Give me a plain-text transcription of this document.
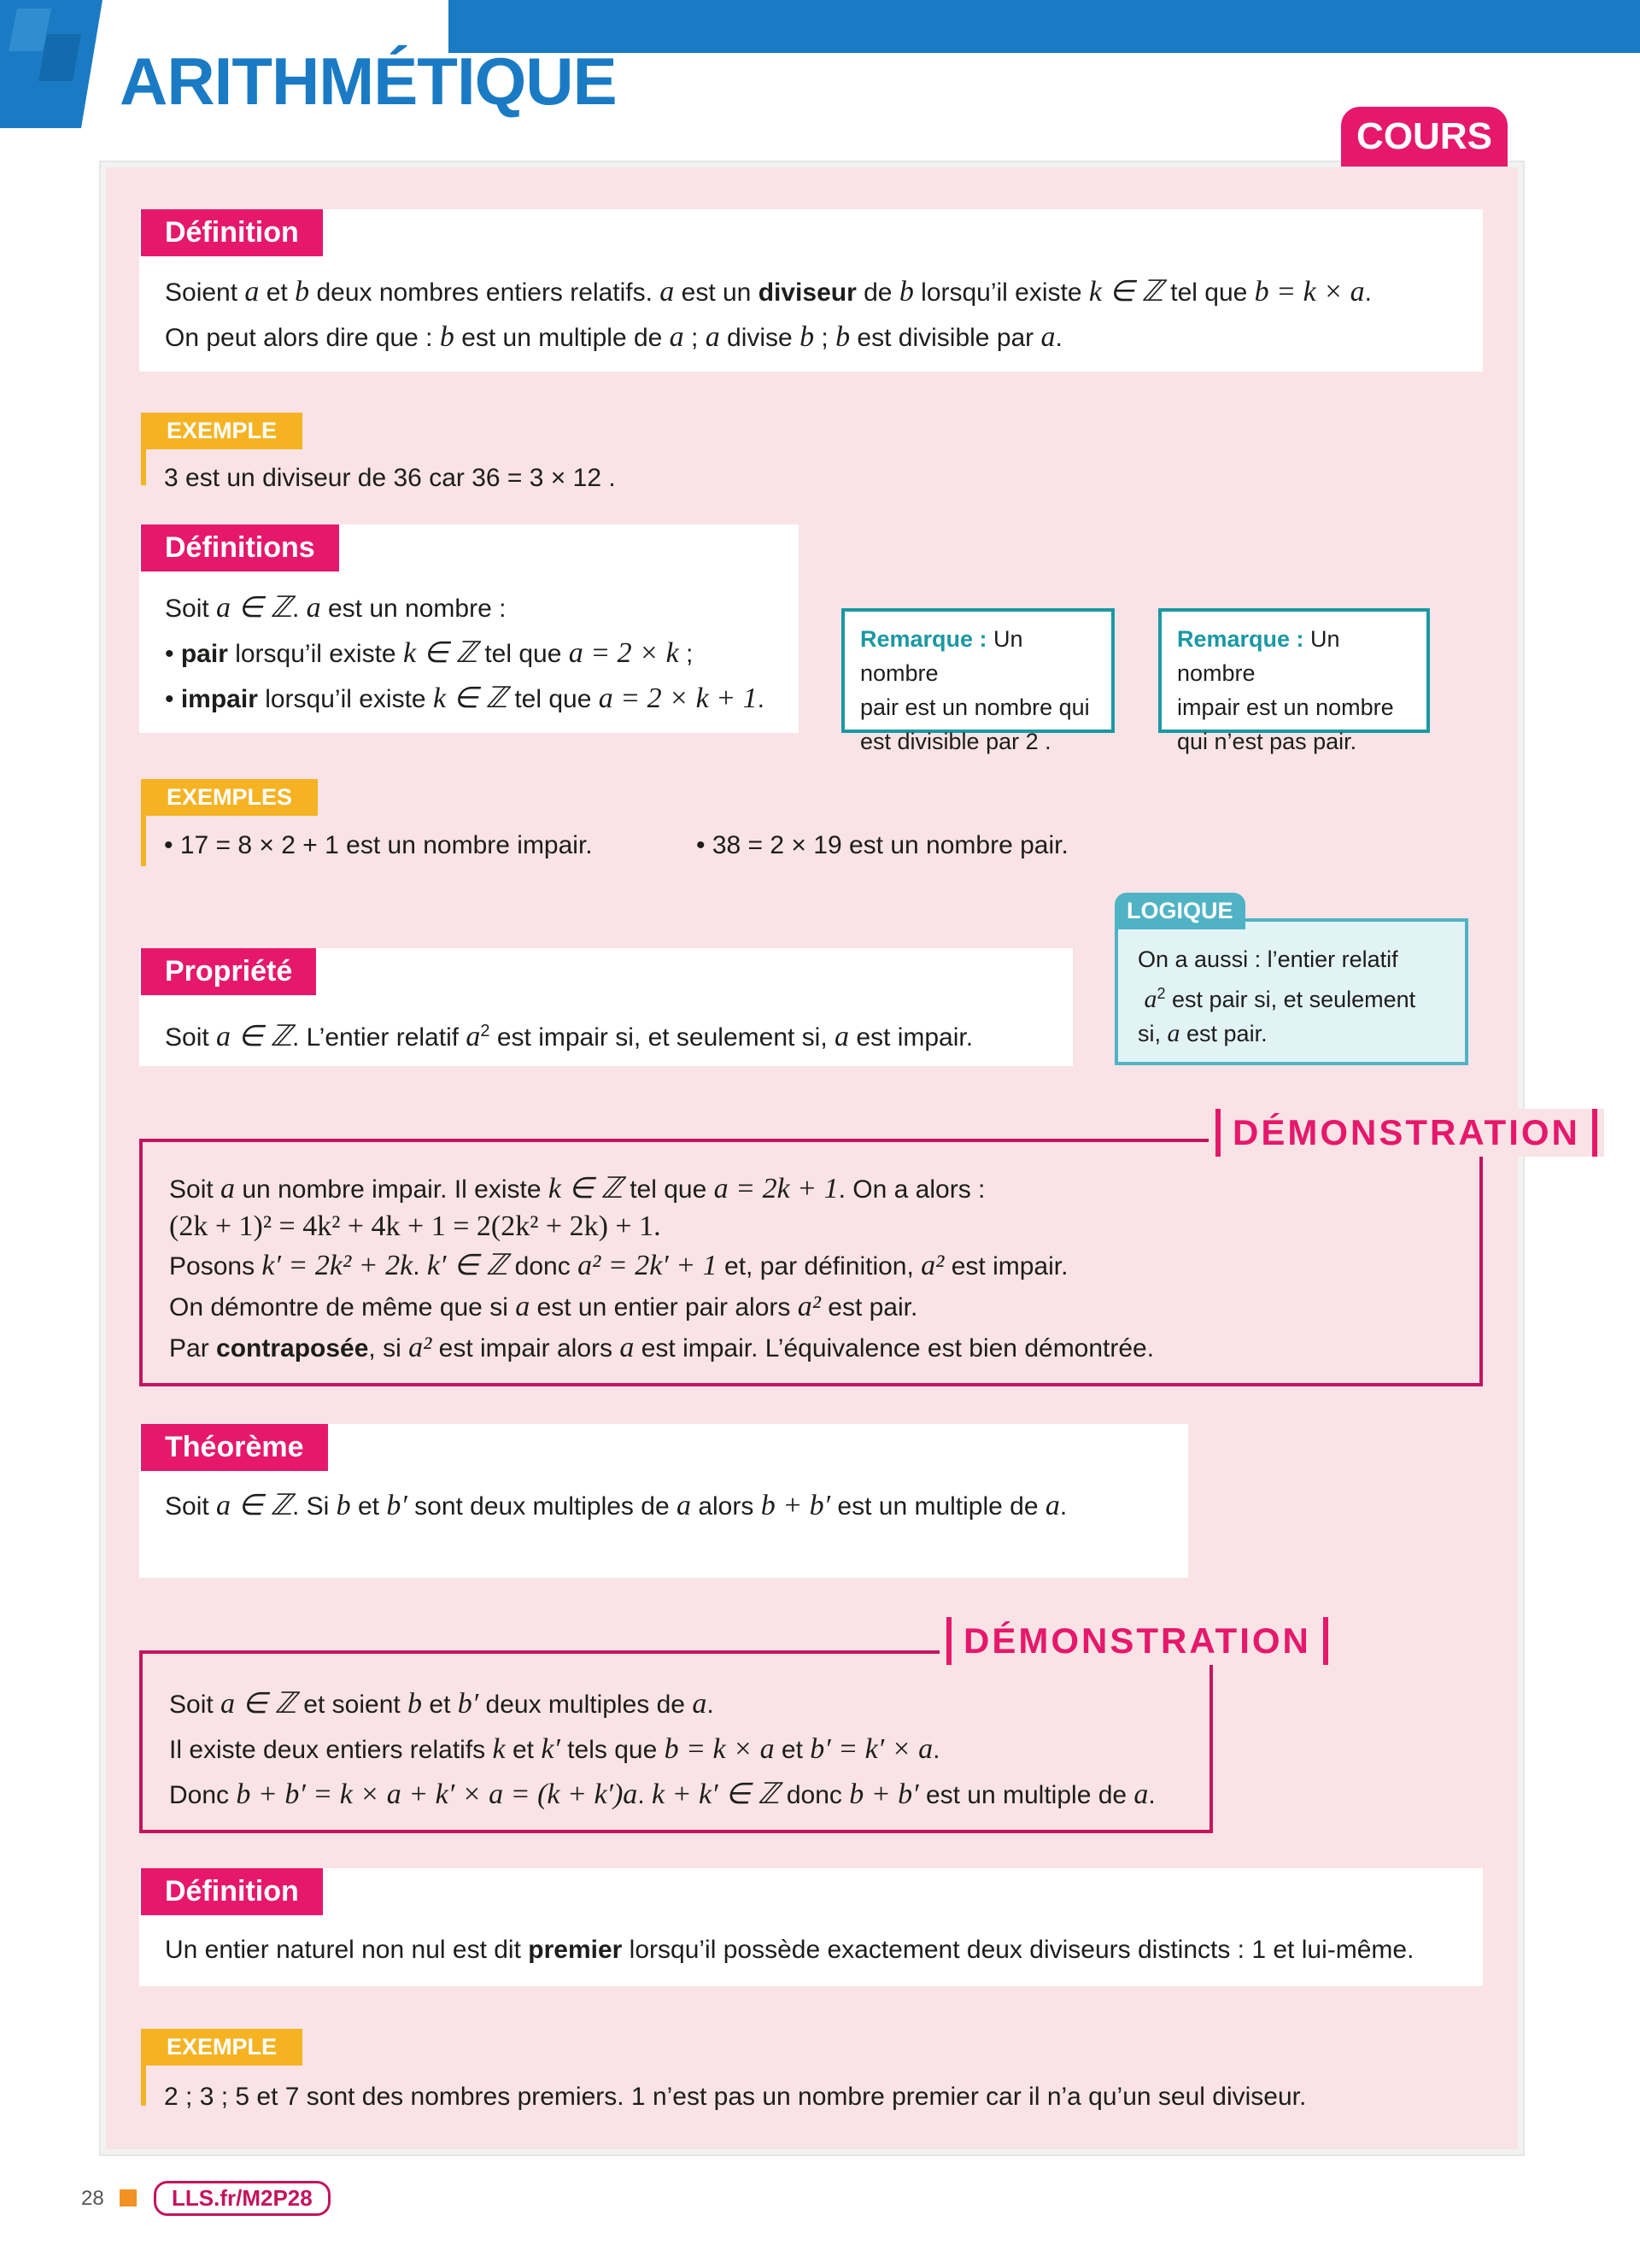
ARITHMÉTIQUE
COURS
Définition
Soient a et b deux nombres entiers relatifs. a est un diviseur de b lorsqu’il existe k ∈ ℤ tel que b = k × a.
On peut alors dire que : b est un multiple de a ; a divise b ; b est divisible par a.
EXEMPLE
3 est un diviseur de 36 car 36 = 3 × 12 .
Définitions
Soit a ∈ ℤ. a est un nombre :
• pair lorsqu’il existe k ∈ ℤ tel que a = 2 × k ;
• impair lorsqu’il existe k ∈ ℤ tel que a = 2 × k + 1.
Remarque : Un nombre
pair est un nombre qui
est divisible par 2 .
Remarque : Un nombre
impair est un nombre
qui n’est pas pair.
EXEMPLES
• 17 = 8 × 2 + 1 est un nombre impair.	• 38 = 2 × 19 est un nombre pair.
LOGIQUE
On a aussi : l’entier relatif
$a^2$ est pair si, et seulement
si, a est pair.
Propriété
Soit a ∈ ℤ. L’entier relatif $a^2$ est impair si, et seulement si, a est impair.
DÉMONSTRATION
Soit a un nombre impair. Il existe k ∈ ℤ tel que a = 2k + 1. On a alors :
(2k + 1)² = 4k² + 4k + 1 = 2(2k² + 2k) + 1.
Posons k′ = 2k² + 2k. k′ ∈ ℤ donc a² = 2k′ + 1 et, par définition, a² est impair.
On démontre de même que si a est un entier pair alors a² est pair.
Par contraposée, si a² est impair alors a est impair. L’équivalence est bien démontrée.
Théorème
Soit a ∈ ℤ. Si b et b′ sont deux multiples de a alors b + b′ est un multiple de a.
DÉMONSTRATION
Soit a ∈ ℤ et soient b et b′ deux multiples de a.
Il existe deux entiers relatifs k et k′ tels que b = k × a et b′ = k′ × a.
Donc b + b′ = k × a + k′ × a = (k + k′)a. k + k′ ∈ ℤ donc b + b′ est un multiple de a.
Définition
Un entier naturel non nul est dit premier lorsqu’il possède exactement deux diviseurs distincts : 1 et lui-même.
EXEMPLE
2 ; 3 ; 5 et 7 sont des nombres premiers. 1 n’est pas un nombre premier car il n’a qu’un seul diviseur.
28	LLS.fr/M2P28
